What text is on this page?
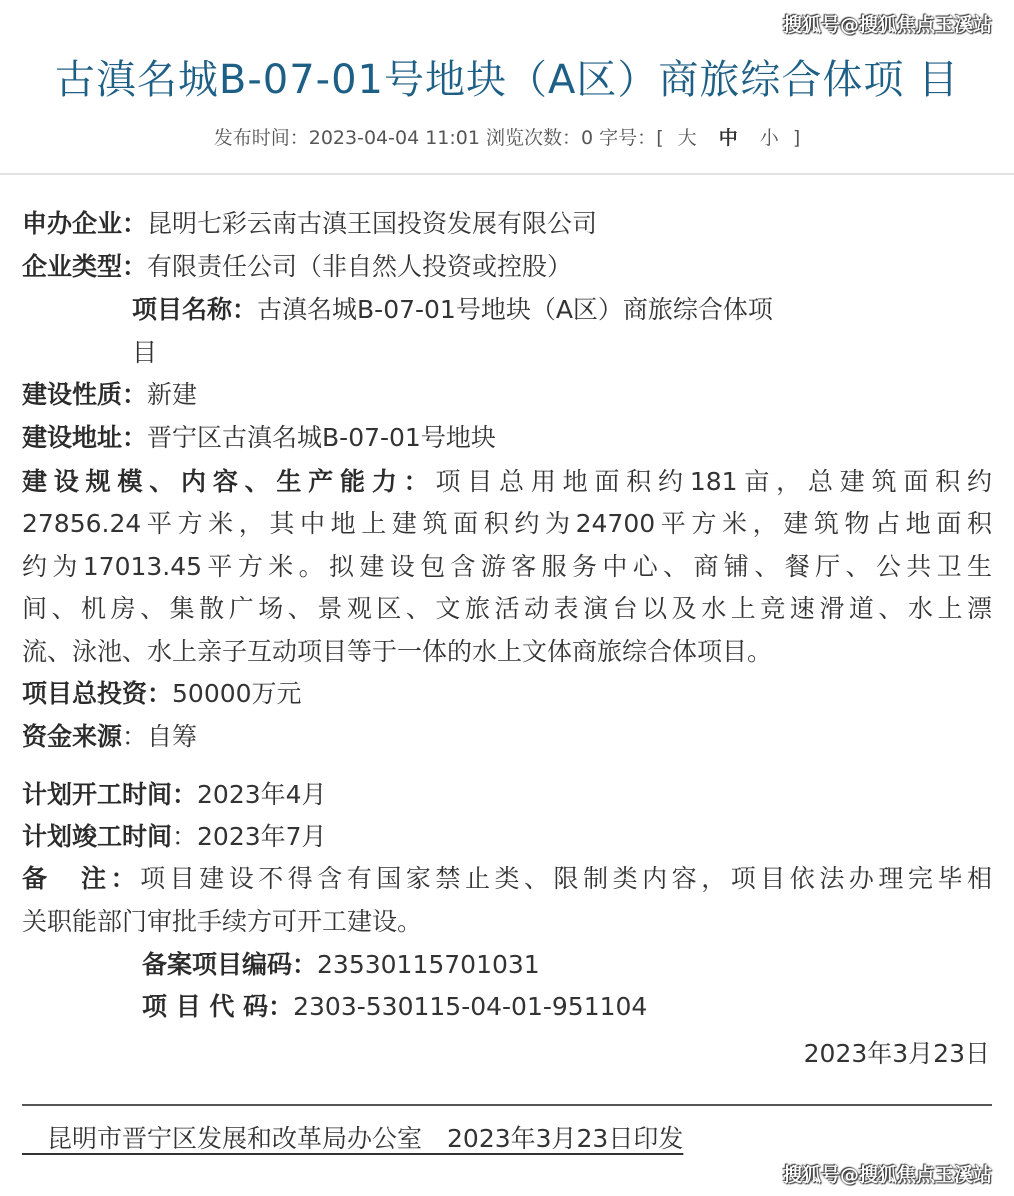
搜狐号@搜狐焦点玉溪站
古滇名城B-07-01号地块（A区）商旅综合体项 目
发布时间：2023-04-04 11:01 浏览次数：0 字号：[ 大 中 小 ]
申办企业：昆明七彩云南古滇王国投资发展有限公司
企业类型：有限责任公司（非自然人投资或控股）
项目名称：古滇名城B-07-01号地块（A区）商旅综合体项
目
建设性质：新建
建设地址：晋宁区古滇名城B-07-01号地块
建设规模、内容、生产能力：项目总用地面积约181亩，总建筑面积约
27856.24平方米，其中地上建筑面积约为24700平方米，建筑物占地面积
约为17013.45平方米。拟建设包含游客服务中心、商铺、餐厅、公共卫生
间、机房、集散广场、景观区、文旅活动表演台以及水上竞速滑道、水上漂
流、泳池、水上亲子互动项目等于一体的水上文体商旅综合体项目。
项目总投资：50000万元
资金来源：自筹
计划开工时间：2023年4月
计划竣工时间：2023年7月
备　注：项目建设不得含有国家禁止类、限制类内容，项目依法办理完毕相
关职能部门审批手续方可开工建设。
备案项目编码：23530115701031
项 目 代 码：2303-530115-04-01-951104
2023年3月23日
　昆明市晋宁区发展和改革局办公室　2023年3月23日印发
搜狐号@搜狐焦点玉溪站
